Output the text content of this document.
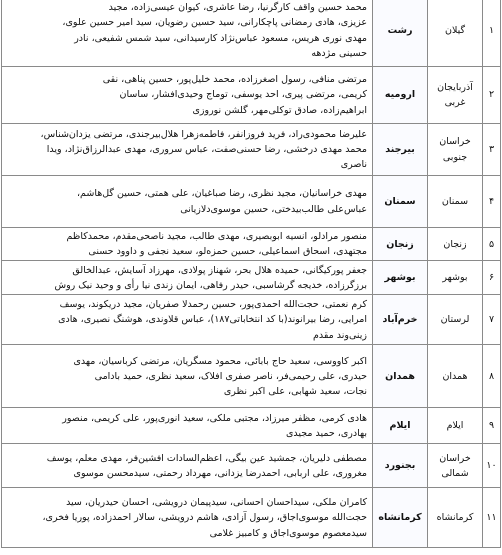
۱	گیلان	رشت	محمد حسین واقف کارگرنیا، رضا عاشری، کیوان عیسی‌زاده، مجید
عزیزی، هادی رمضانی پاچکارانی، سید حسین رضویان، سید امیر حسین علوی،
مهدی نوری هریس، مسعود عباس‌نژاد کارسیدانی، سید شمس شفیعی، نادر
حسینی مژدهه

۲	آذربایجان غربی	ارومیه	مرتضی منافی، رسول اصغرزاده، محمد خلیل‌پور، حسین پناهی، نقی
کریمی، مرتضی پیری، احد یوسفی، توماج وحیدی‌افشار، ساسان
ابراهیم‌زاده، صادق توکلی‌مهر، گلشن نوروزی

۳	خراسان جنوبی	بیرجند	علیرضا محمودی‌راد، فرید فروزانفر، فاطمه‌زهرا هلال‌بیرجندی، مرتضی یزدان‌شناس،
محمد مهدی درخشی، رضا حسنی‌صفت، عباس سروری، مهدی عبدالرزاق‌نژاد، ویدا
ناصری

۴	سمنان	سمنان	مهدی خراسانیان، مجید نظری، رضا صباغیان، علی همتی، حسین گل‌هاشم،
عباس‌علی طالب‌بیدختی، حسین موسوی‌دلازیانی

۵	زنجان	زنجان	منصور مرادلو، انسیه ابوبصیری، مهدی طالب، مجید ناصحی‌مقدم، محمدکاظم
مجتهدی، اسحاق اسماعیلی، حسین حمزه‌لو، سعید نجفی و داوود حسنی

۶	بوشهر	بوشهر	جعفر پورکیگانی، حمیده هلال بحر، شهناز پولادی، مهرزاد آسایش، عبدالخالق
برزگرزاده، خدیجه گرشاسبی، حیدر رفاهی، ایمان زندی نیا رأی و وحید نیک روش

۷	لرستان	خرم‌آباد	کرم نعمتی، حجت‌الله احمدی‌پور، حسین رحمدلا صفریان، مجید دریکوند، یوسف
امرایی، رضا بیرانوند(با کد انتخاباتی۱۸۷)، عباس قلاوندی، هوشنگ نصیری، هادی
زینی‌وند مقدم

۸	همدان	همدان	اکبر کاووسی، سعید حاج بابائی، محمود مسگریان، مرتضی کرباسیان، مهدی
حیدری، علی رحیمی‌فر، ناصر صفری افلاک، سعید نظری، حمید بادامی
نجات، سعید شهابی، علی اکبر نظری

۹	ایلام	ایلام	هادی کرمی، مظفر میرزاد، مجتبی ملکی، سعید انوری‌پور، علی کریمی، منصور
بهادری، حمید مجیدی

۱۰	خراسان شمالی	بجنورد	مصطفی دلیریان، جمشید عین بیگی، اعظم‌السادات افشین‌فر، مهدی معلم، یوسف
مغروری، علی اربابی، احمدرضا یزدانی، مهرداد رحمتی، سیدمحسن موسوی

۱۱	کرمانشاه	کرمانشاه	کامران ملکی، سیداحسان احسانی، سیدپیمان درویشی، احسان حیدریان، سید
حجت‌الله موسوی‌اجاق، رسول آزادی، هاشم درویشی، سالار احمدزاده، پوریا فخری،
سیدمعصوم موسوی‌اجاق و کامبیز غلامی
